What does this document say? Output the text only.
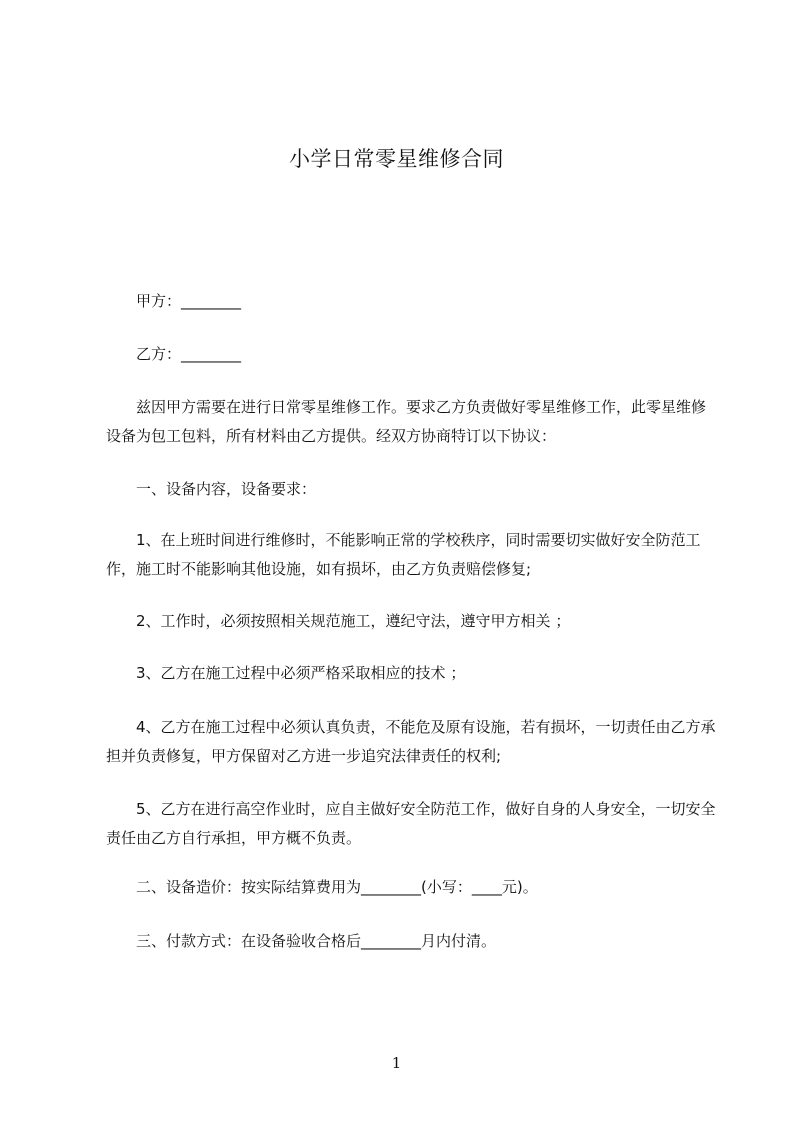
小学日常零星维修合同
甲方：________
乙方：________
兹因甲方需要在进行日常零星维修工作。要求乙方负责做好零星维修工作，此零星维修设备为包工包料，所有材料由乙方提供。经双方协商特订以下协议：
一、设备内容，设备要求：
1、在上班时间进行维修时，不能影响正常的学校秩序，同时需要切实做好安全防范工作，施工时不能影响其他设施，如有损坏，由乙方负责赔偿修复;
2、工作时，必须按照相关规范施工，遵纪守法，遵守甲方相关 ；
3、乙方在施工过程中必须严格采取相应的技术 ；
4、乙方在施工过程中必须认真负责，不能危及原有设施，若有损坏，一切责任由乙方承担并负责修复，甲方保留对乙方进一步追究法律责任的权利;
5、乙方在进行高空作业时，应自主做好安全防范工作，做好自身的人身安全，一切安全责任由乙方自行承担，甲方概不负责。
二、设备造价：按实际结算费用为________(小写：____元)。
三、付款方式：在设备验收合格后________月内付清。
1
